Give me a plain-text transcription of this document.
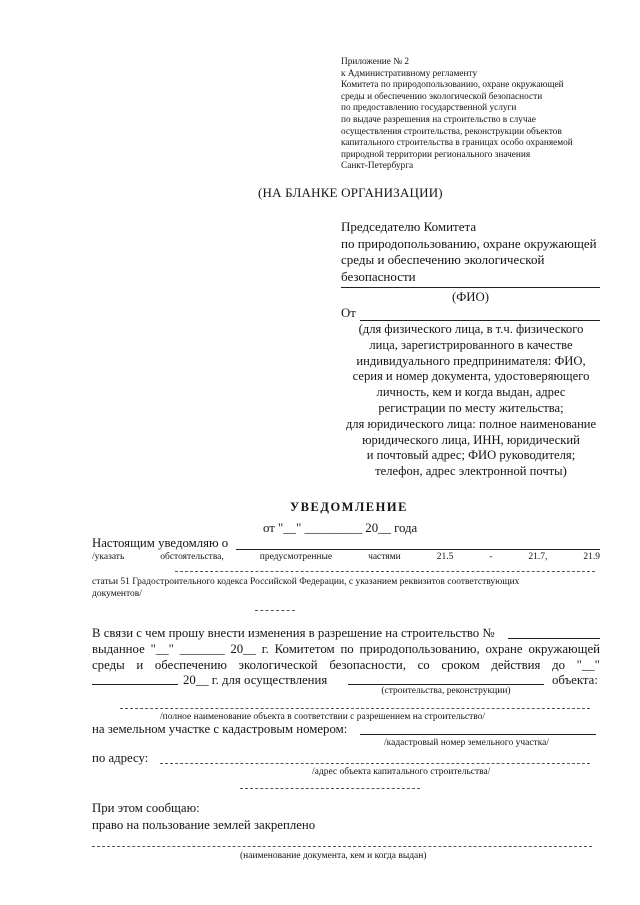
Приложение № 2
к Административному регламенту
Комитета по природопользованию, охране окружающей
среды и обеспечению экологической безопасности
по предоставлению государственной услуги
по выдаче разрешения на строительство в случае
осуществления строительства, реконструкции объектов
капитального строительства в границах особо охраняемой
природной территории регионального значения
Санкт-Петербурга
(НА БЛАНКЕ ОРГАНИЗАЦИИ)
Председателю Комитета
по природопользованию, охране окружающей
среды и обеспечению экологической
безопасности
(ФИО)
От
(для физического лица, в т.ч. физического
лица, зарегистрированного в качестве
индивидуального предпринимателя: ФИО,
серия и номер документа, удостоверяющего
личность, кем и когда выдан, адрес
регистрации по месту жительства;
для юридического лица: полное наименование
юридического лица, ИНН, юридический
и почтовый адрес; ФИО руководителя;
телефон, адрес электронной почты)
УВЕДОМЛЕНИЕ
от "__" _________ 20__ года
Настоящим уведомляю о
/указать	обстоятельства,	предусмотренные	частями	21.5	-	21.7,	21.9
статьи 51 Градостроительного кодекса Российской Федерации, с указанием реквизитов соответствующих
документов/
В связи с чем прошу внести изменения в разрешение на строительство №
выданное "__" _______ 20__ г. Комитетом по природопользованию, охране окружающей
среды и обеспечению экологической безопасности, со сроком действия до "__"
20__ г. для осуществления	объекта:
(строительства, реконструкции)
/полное наименование объекта в соответствии с разрешением на строительство/
на земельном участке с кадастровым номером:
/кадастровый номер земельного участка/
по адресу:
/адрес объекта капитального строительства/
При этом сообщаю:
право на пользование землей закреплено
(наименование документа, кем и когда выдан)
